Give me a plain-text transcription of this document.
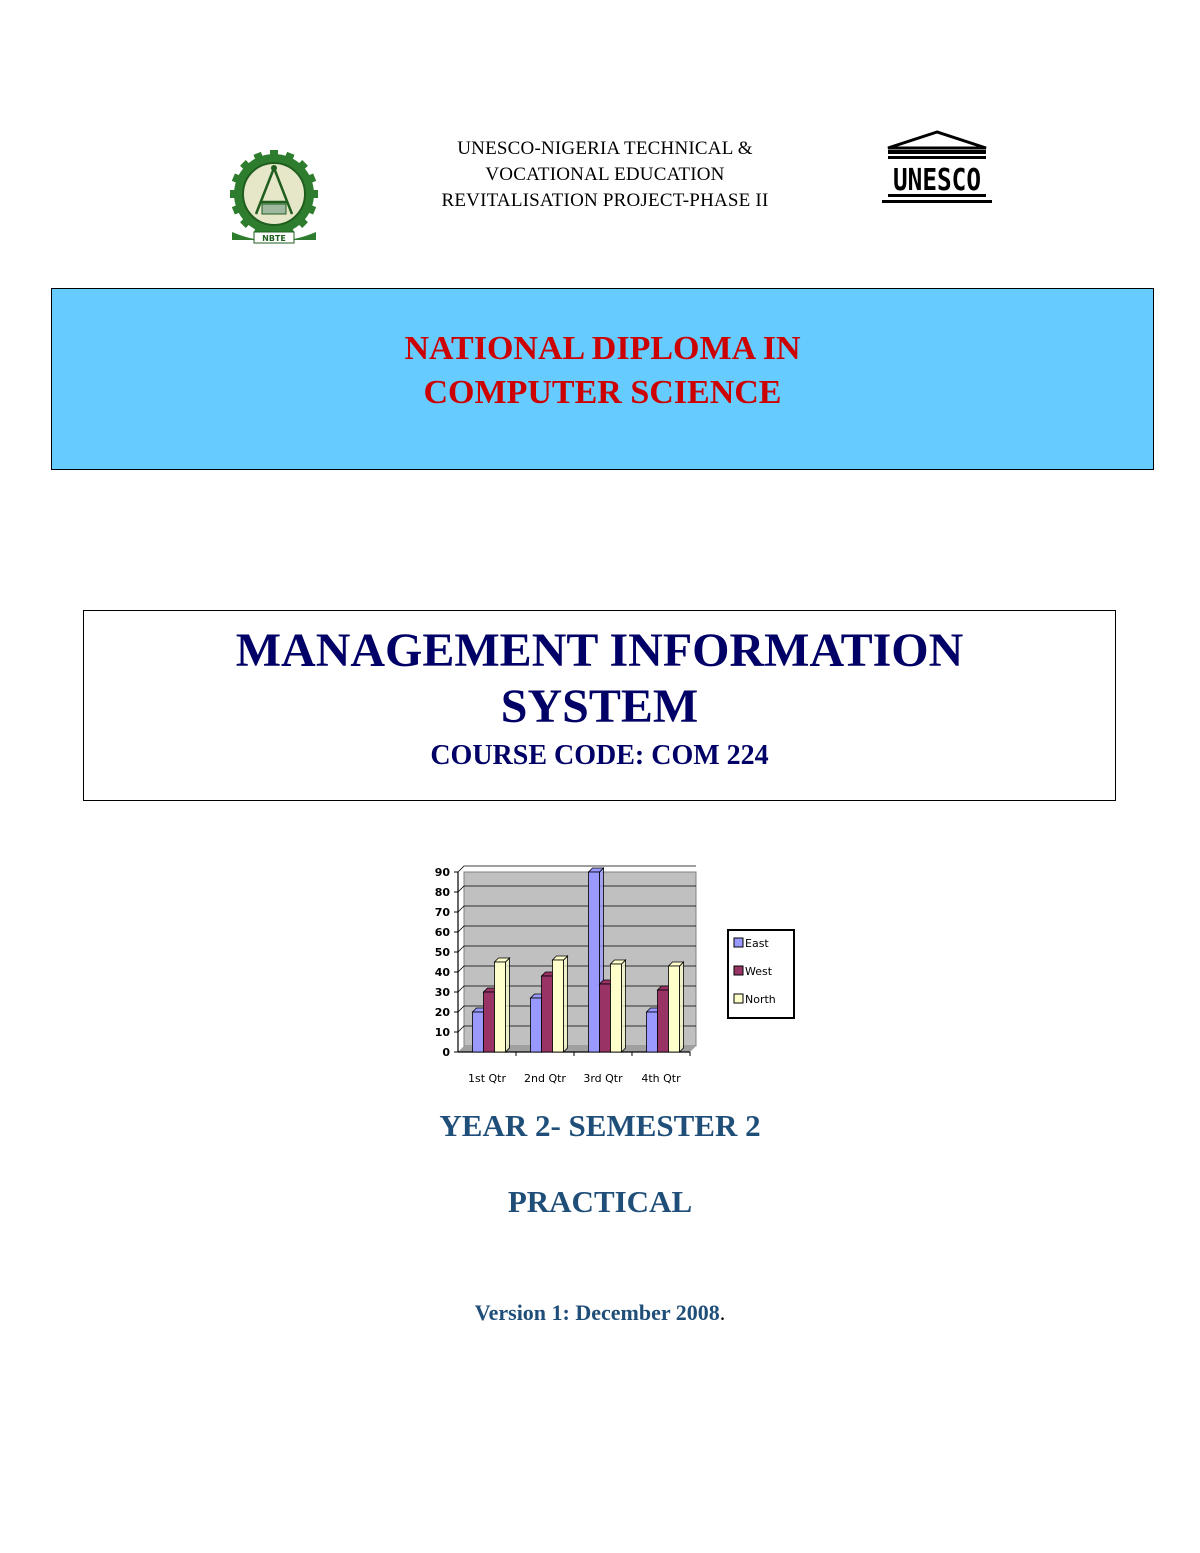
NBTE
UNESCO
UNESCO-NIGERIA TECHNICAL &
VOCATIONAL EDUCATION
REVITALISATION PROJECT-PHASE II
NATIONAL DIPLOMA IN
COMPUTER SCIENCE
MANAGEMENT INFORMATION
SYSTEM
COURSE CODE: COM 224
0
10
20
30
40
50
60
70
80
90
1st Qtr 2nd Qtr 3rd Qtr 4th Qtr
East
West
North
YEAR 2- SEMESTER 2
PRACTICAL
Version 1: December 2008.
